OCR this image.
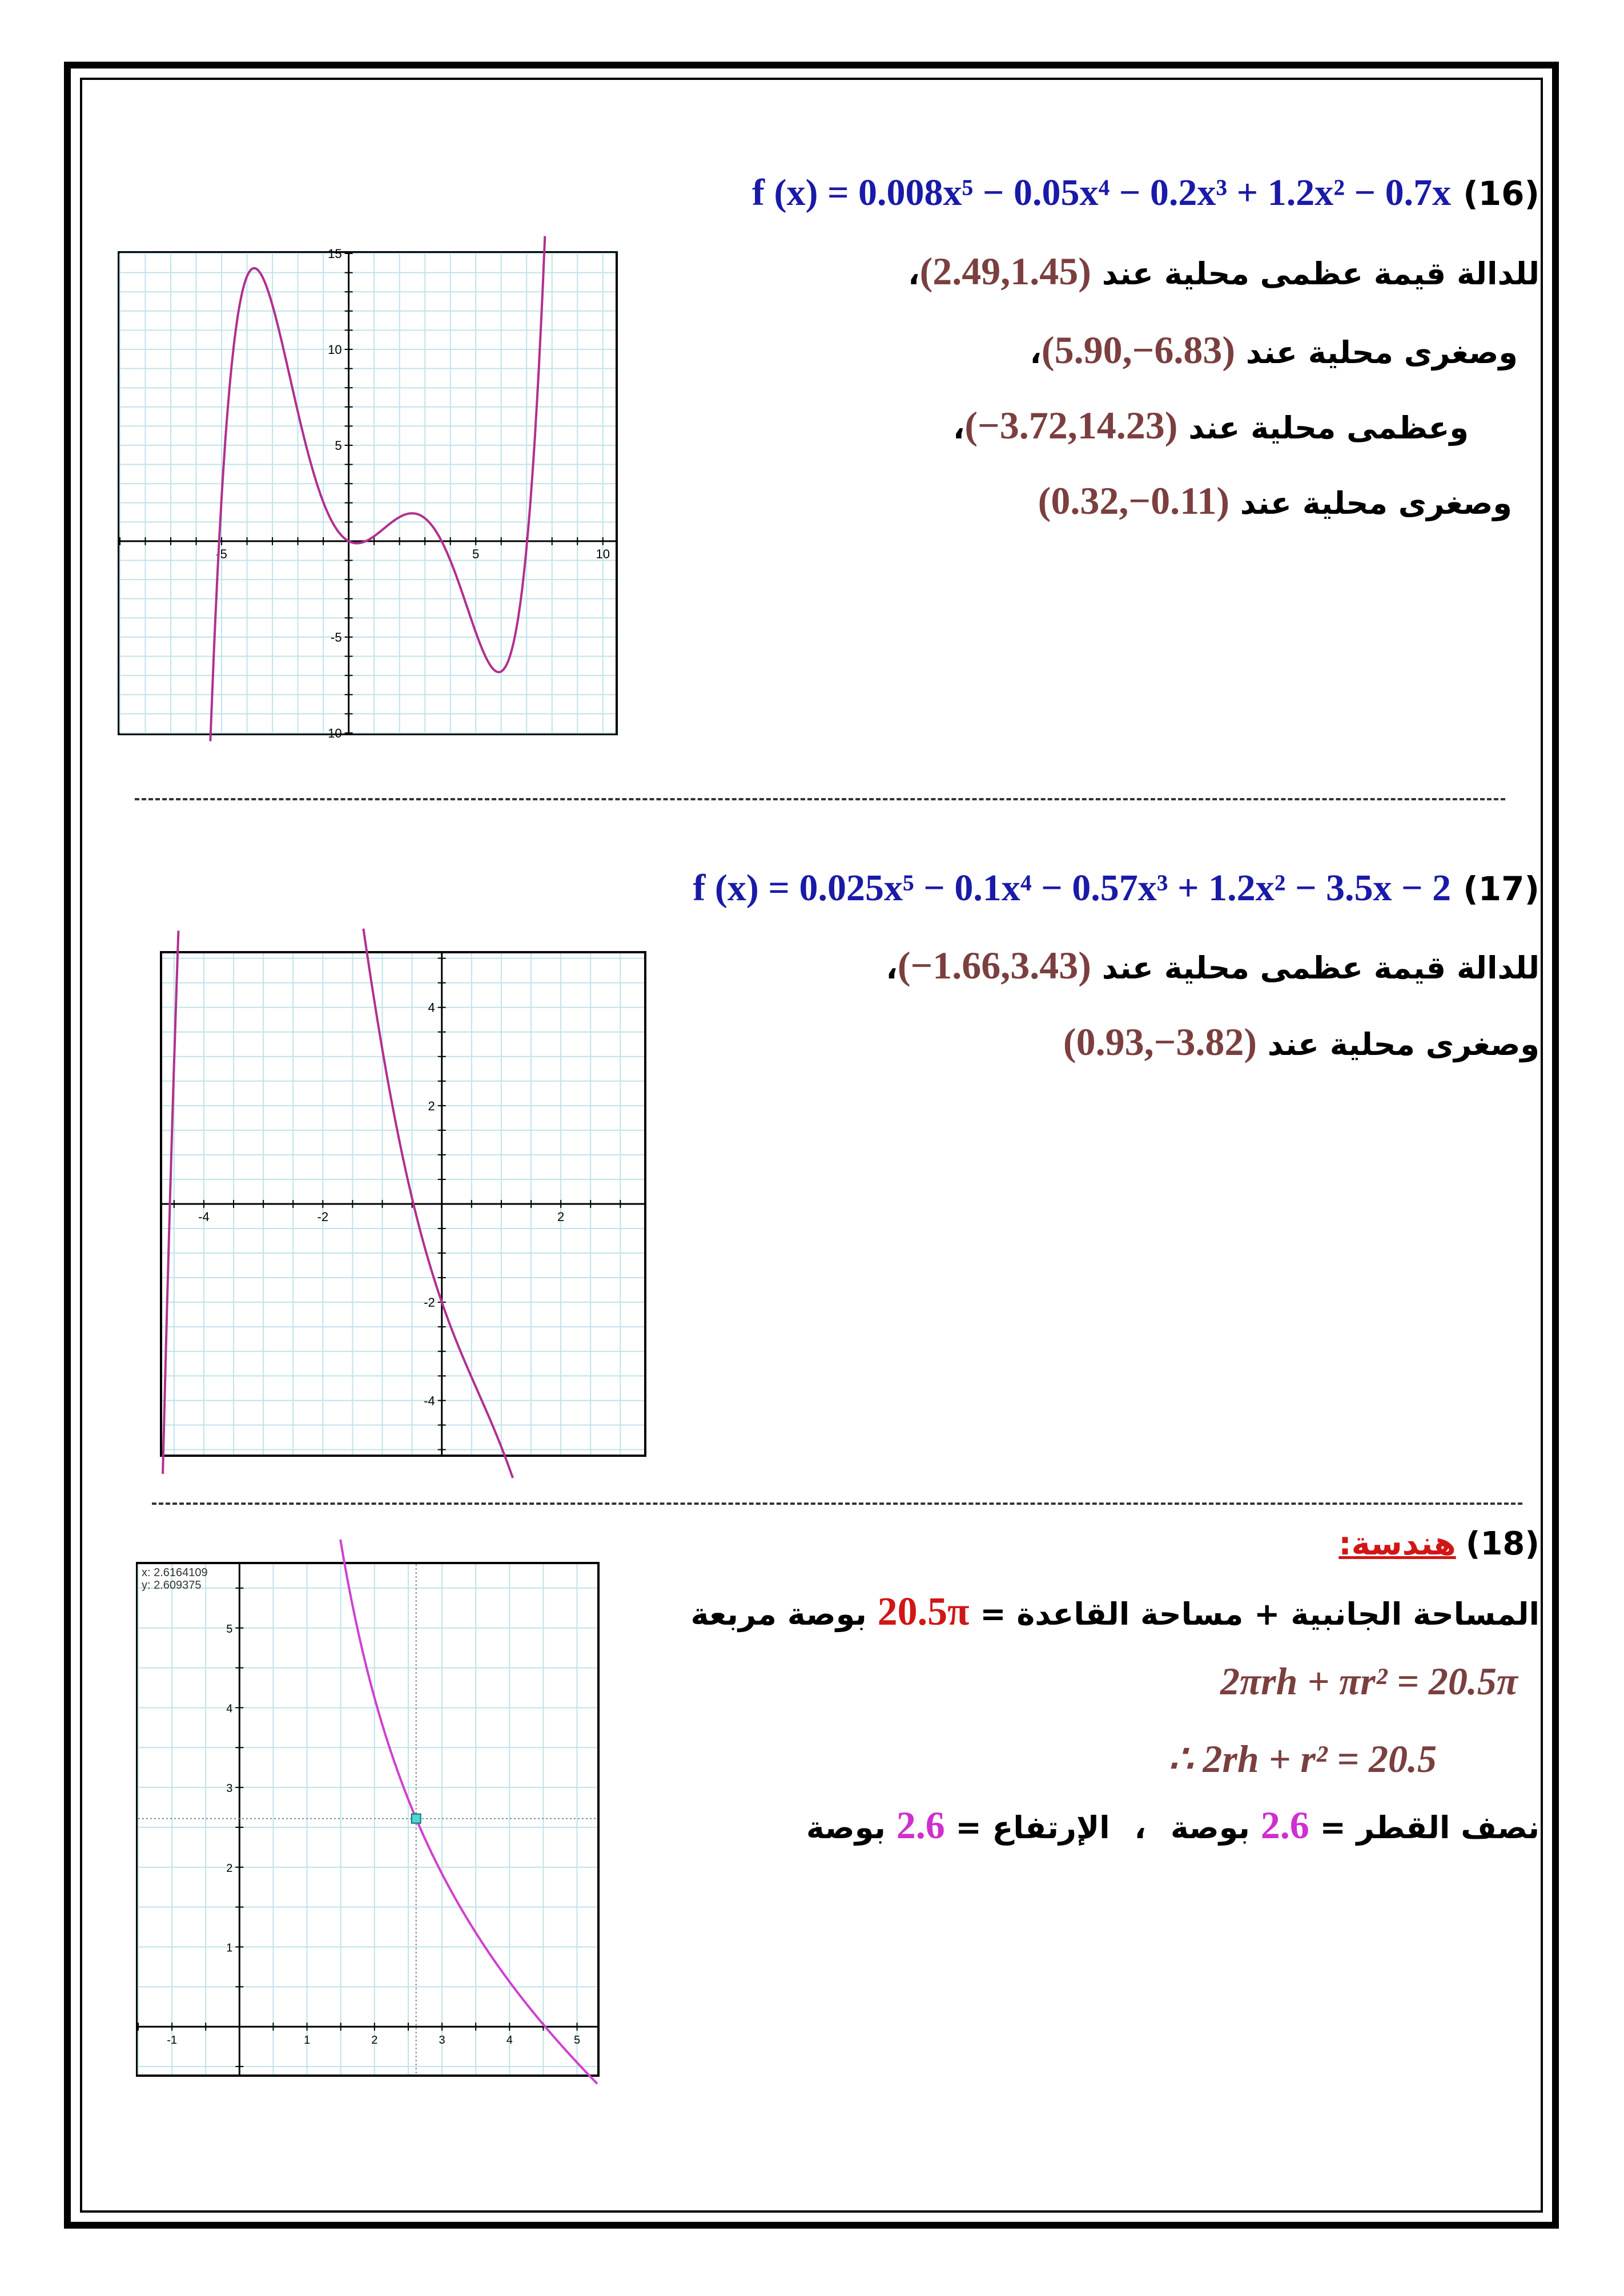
(16) f (x) = 0.008x⁵ − 0.05x⁴ − 0.2x³ + 1.2x² − 0.7x
للدالة قيمة عظمى محلية عند (2.49,1.45)،
وصغرى محلية عند (5.90,−6.83)،
وعظمى محلية عند (−3.72,14.23)،
وصغرى محلية عند (0.32,−0.11)
-5	5	10
15
10
5
-5
-10
(17) f (x) = 0.025x⁵ − 0.1x⁴ − 0.57x³ + 1.2x² − 3.5x − 2
للدالة قيمة عظمى محلية عند (−1.66,3.43)،
وصغرى محلية عند (0.93,−3.82)
-4	-2	2
4
2
-2
-4
(18) هندسة:
المساحة الجانبية + مساحة القاعدة = 20.5π بوصة مربعة
2πrh + πr² = 20.5π
∴ 2rh + r² = 20.5
نصف القطر = 2.6 بوصة ، الإرتفاع = 2.6 بوصة
-1	1	2	3	4	5
5
4
3
2
1
x: 2.6164109
y: 2.609375
